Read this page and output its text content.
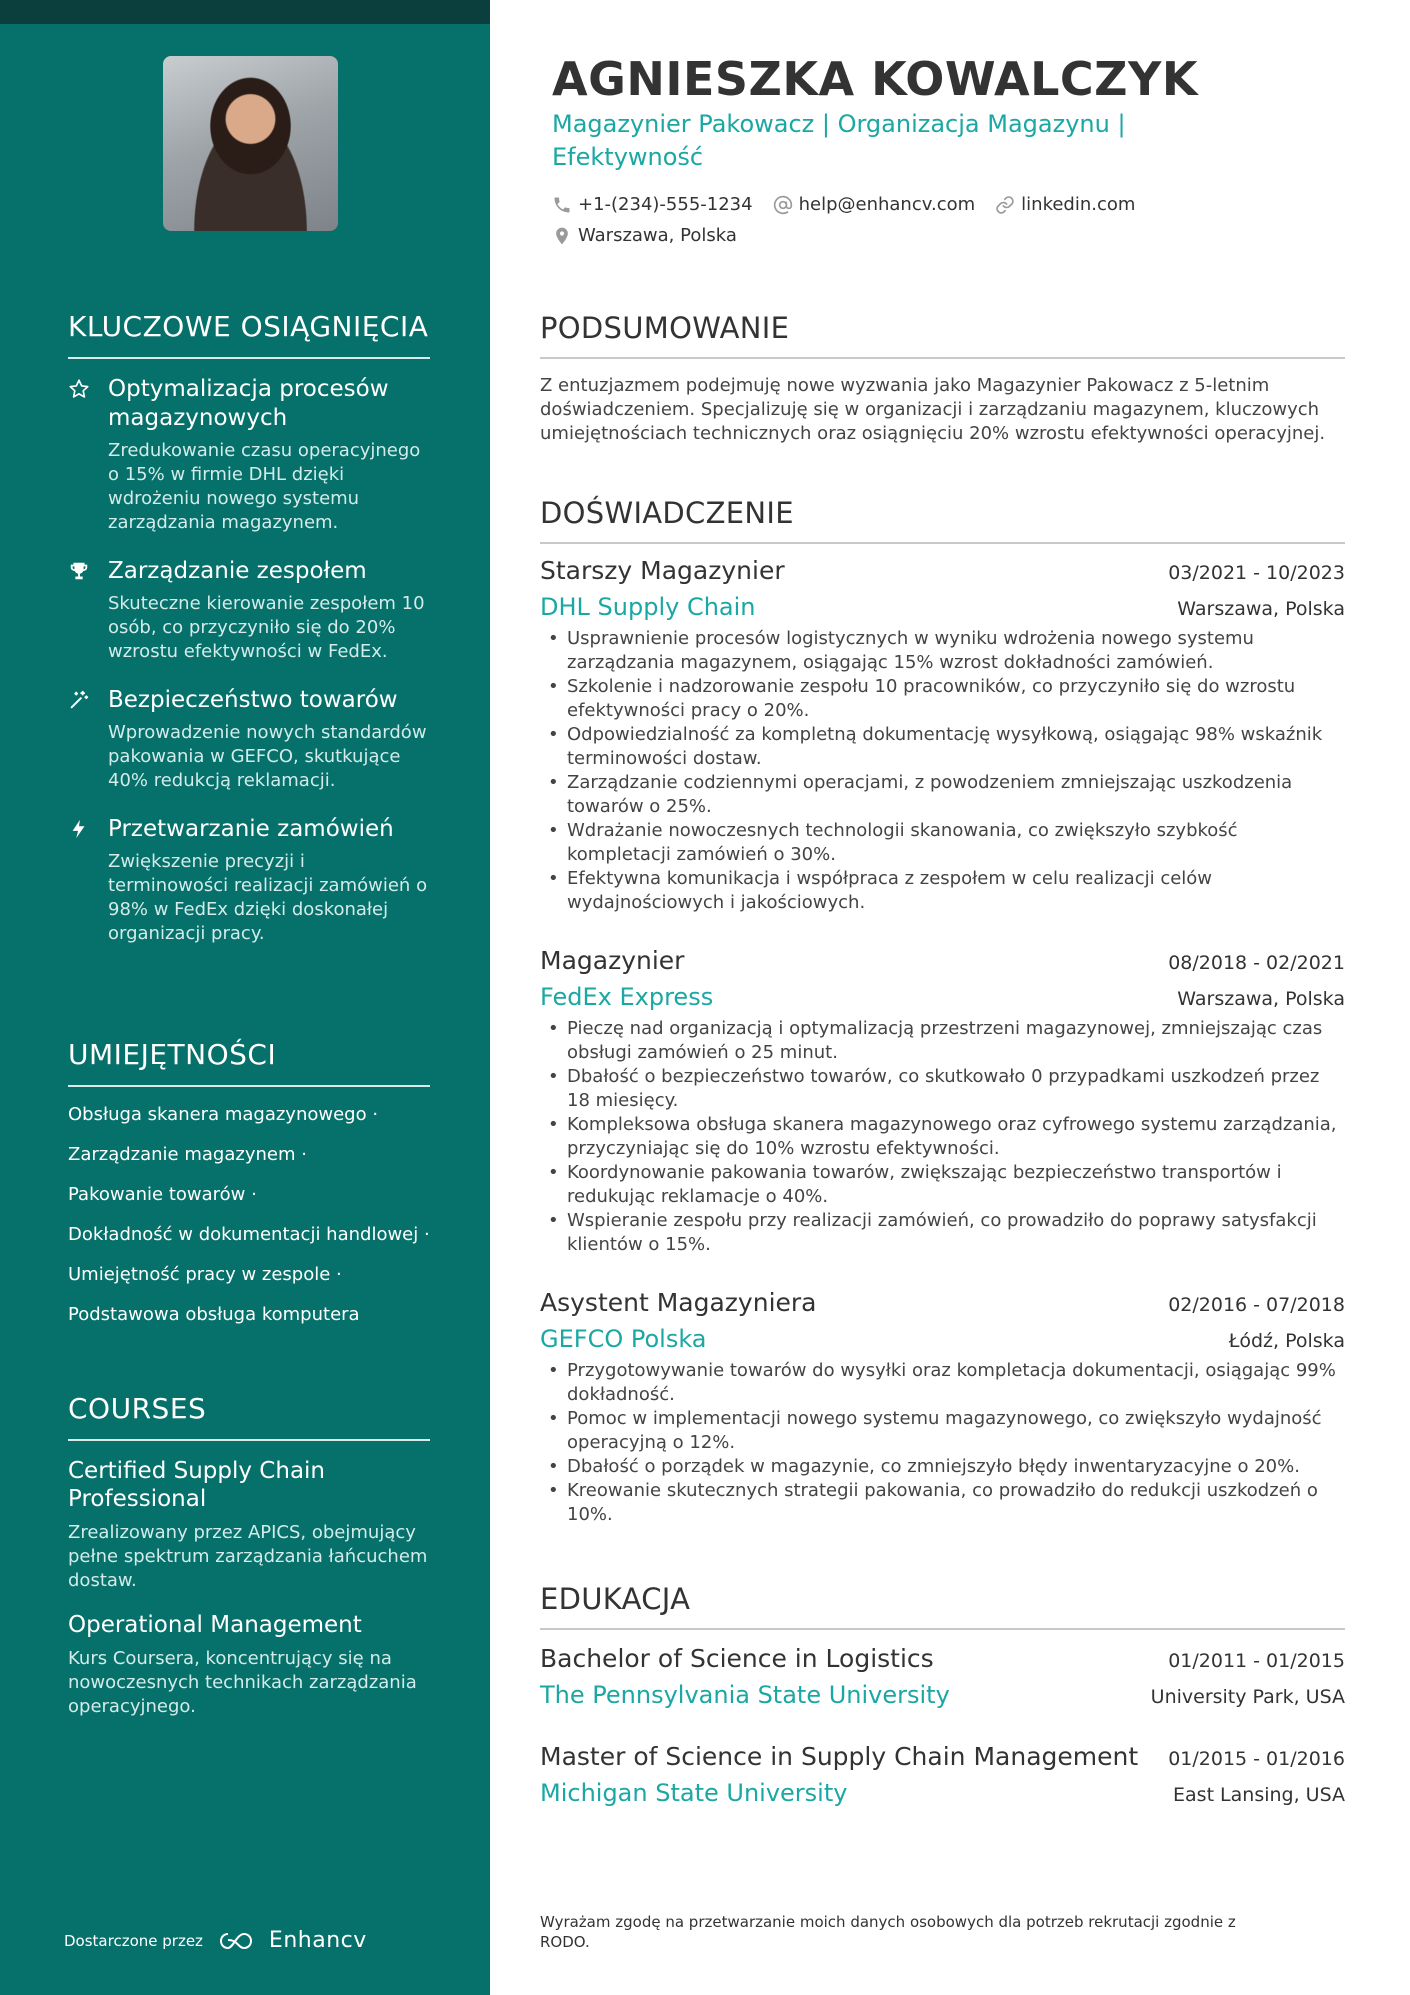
KLUCZOWE OSIĄGNIĘCIA
Optymalizacja procesów magazynowych
Zredukowanie czasu operacyjnego o 15% w firmie DHL dzięki wdrożeniu nowego systemu zarządzania magazynem.
Zarządzanie zespołem
Skuteczne kierowanie zespołem 10 osób, co przyczyniło się do 20% wzrostu efektywności w FedEx.
Bezpieczeństwo towarów
Wprowadzenie nowych standardów pakowania w GEFCO, skutkujące 40% redukcją reklamacji.
Przetwarzanie zamówień
Zwiększenie precyzji i terminowości realizacji zamówień o 98% w FedEx dzięki doskonałej organizacji pracy.
UMIEJĘTNOŚCI
Obsługa skanera magazynowego ·
Zarządzanie magazynem ·
Pakowanie towarów ·
Dokładność w dokumentacji handlowej ·
Umiejętność pracy w zespole ·
Podstawowa obsługa komputera
COURSES
Certified Supply Chain Professional
Zrealizowany przez APICS, obejmujący pełne spektrum zarządzania łańcuchem dostaw.
Operational Management
Kurs Coursera, koncentrujący się na nowoczesnych technikach zarządzania operacyjnego.
Dostarczone przez	Enhancv
AGNIESZKA KOWALCZYK
Magazynier Pakowacz | Organizacja Magazynu | Efektywność
+1-(234)-555-1234	help@enhancv.com	linkedin.com
Warszawa, Polska
PODSUMOWANIE
Z entuzjazmem podejmuję nowe wyzwania jako Magazynier Pakowacz z 5-letnim doświadczeniem. Specjalizuję się w organizacji i zarządzaniu magazynem, kluczowych umiejętnościach technicznych oraz osiągnięciu 20% wzrostu efektywności operacyjnej.
DOŚWIADCZENIE
Starszy Magazynier	03/2021 - 10/2023
DHL Supply Chain	Warszawa, Polska
• Usprawnienie procesów logistycznych w wyniku wdrożenia nowego systemu zarządzania magazynem, osiągając 15% wzrost dokładności zamówień.
• Szkolenie i nadzorowanie zespołu 10 pracowników, co przyczyniło się do wzrostu efektywności pracy o 20%.
• Odpowiedzialność za kompletną dokumentację wysyłkową, osiągając 98% wskaźnik terminowości dostaw.
• Zarządzanie codziennymi operacjami, z powodzeniem zmniejszając uszkodzenia towarów o 25%.
• Wdrażanie nowoczesnych technologii skanowania, co zwiększyło szybkość kompletacji zamówień o 30%.
• Efektywna komunikacja i współpraca z zespołem w celu realizacji celów wydajnościowych i jakościowych.
Magazynier	08/2018 - 02/2021
FedEx Express	Warszawa, Polska
• Pieczę nad organizacją i optymalizacją przestrzeni magazynowej, zmniejszając czas obsługi zamówień o 25 minut.
• Dbałość o bezpieczeństwo towarów, co skutkowało 0 przypadkami uszkodzeń przez 18 miesięcy.
• Kompleksowa obsługa skanera magazynowego oraz cyfrowego systemu zarządzania, przyczyniając się do 10% wzrostu efektywności.
• Koordynowanie pakowania towarów, zwiększając bezpieczeństwo transportów i redukując reklamacje o 40%.
• Wspieranie zespołu przy realizacji zamówień, co prowadziło do poprawy satysfakcji klientów o 15%.
Asystent Magazyniera	02/2016 - 07/2018
GEFCO Polska	Łódź, Polska
• Przygotowywanie towarów do wysyłki oraz kompletacja dokumentacji, osiągając 99% dokładność.
• Pomoc w implementacji nowego systemu magazynowego, co zwiększyło wydajność operacyjną o 12%.
• Dbałość o porządek w magazynie, co zmniejszyło błędy inwentaryzacyjne o 20%.
• Kreowanie skutecznych strategii pakowania, co prowadziło do redukcji uszkodzeń o 10%.
EDUKACJA
Bachelor of Science in Logistics	01/2011 - 01/2015
The Pennsylvania State University	University Park, USA
Master of Science in Supply Chain Management 01/2015 - 01/2016
Michigan State University	East Lansing, USA
Wyrażam zgodę na przetwarzanie moich danych osobowych dla potrzeb rekrutacji zgodnie z RODO.
